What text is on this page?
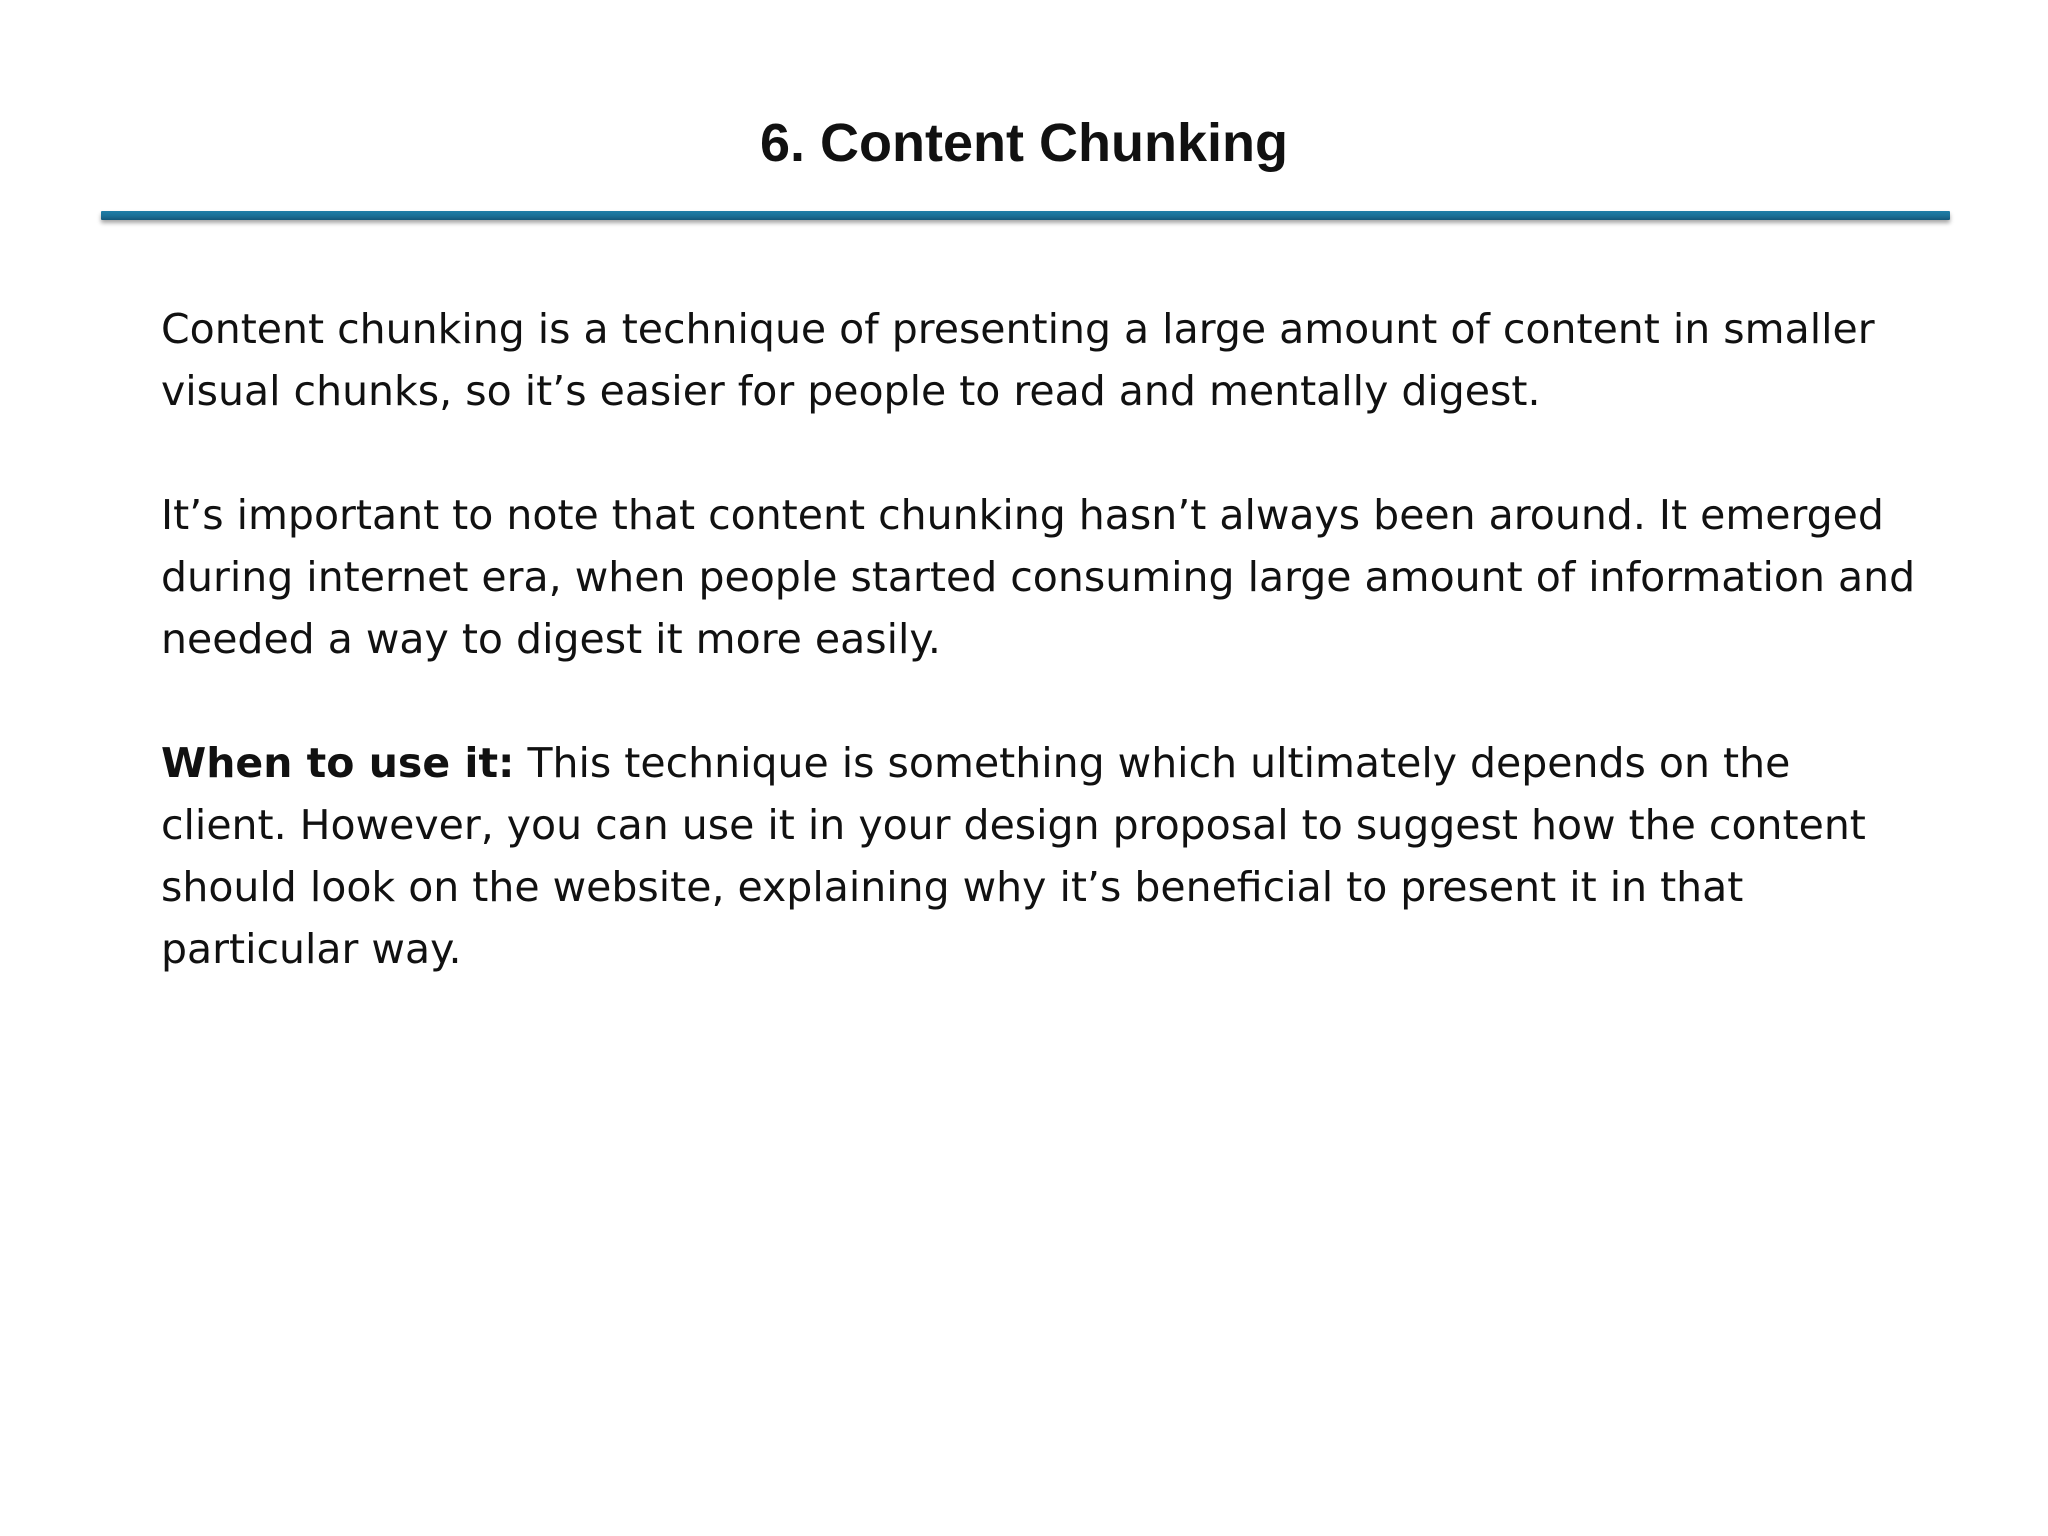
6. Content Chunking

Content chunking is a technique of presenting a large amount of content in smaller visual chunks, so it’s easier for people to read and mentally digest.

It’s important to note that content chunking hasn’t always been around. It emerged during internet era, when people started consuming large amount of information and needed a way to digest it more easily.

When to use it: This technique is something which ultimately depends on the client. However, you can use it in your design proposal to suggest how the content should look on the website, explaining why it’s beneficial to present it in that particular way.
